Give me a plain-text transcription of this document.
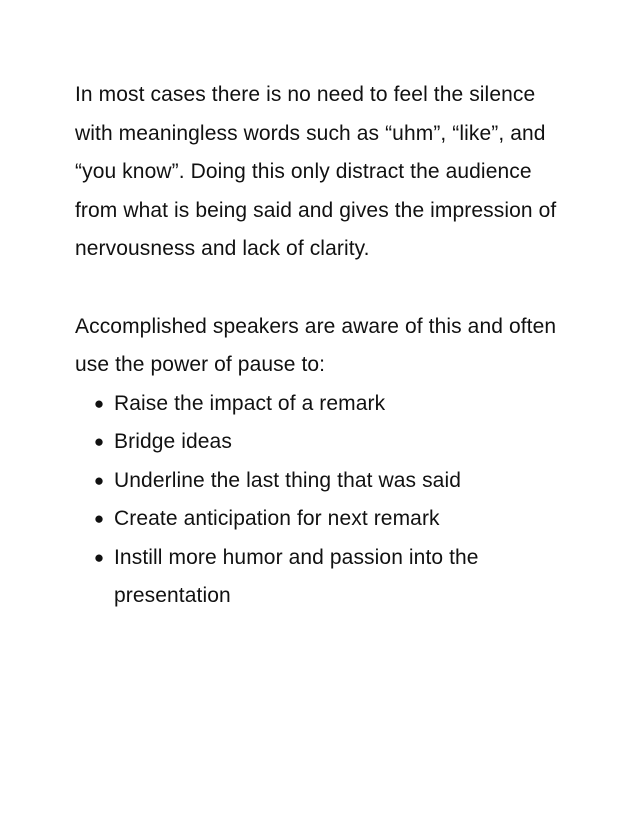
In most cases there is no need to feel the silence with meaningless words such as “uhm”, “like”, and “you know”. Doing this only distract the audience from what is being said and gives the impression of nervousness and lack of clarity.

Accomplished speakers are aware of this and often use the power of pause to:

● Raise the impact of a remark
● Bridge ideas
● Underline the last thing that was said
● Create anticipation for next remark
● Instill more humor and passion into the presentation
